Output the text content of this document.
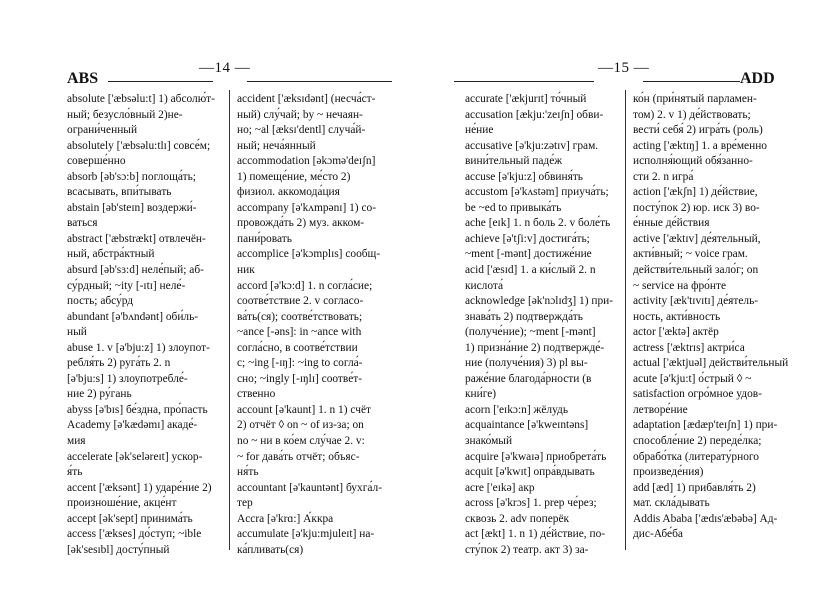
ABS
—14 —
absolute ['æbsəlu:t] 1) абсолю́т-
ный; безусло́вный 2)не-
ограни́ченный
absolutely ['æbsəlu:tlɪ] совсе́м;
соверше́нно
absorb [əb'sɔ:b] поглоща́ть;
всасывать, впи́тывать
abstain [əb'steɪn] воздержи́-
ваться
abstract ['æbstrækt] отвлечён-
ный, абстра́ктный
absurd [əb'sɜ:d] неле́пый; аб-
су́рдный; ~ity [-ɪtɪ] неле́-
пость; абсу́рд
abundant [ə'bʌndənt] оби́ль-
ный
abuse 1. v [ə'bju:z] 1) злоупот-
ребля́ть 2) руга́ть 2. n
[ə'bju:s] 1) злоупотребле́-
ние 2) ру́гань
abyss [ə'bɪs] бе́здна, про́пасть
Academy [ə'kædəmɪ] акаде́-
мия
accelerate [ək'seləreɪt] ускор-
я́ть
accent ['æksənt] 1) ударе́ние 2)
произноше́ние, акце́нт
accept [ək'sept] принима́ть
access ['ækses] до́ступ; ~ible
[ək'sesɪbl] досту́пный
accident ['æksɪdənt] (несча́ст-
ный) слу́чай; by ~ нечаян-
но; ~al [æksɪ'dentl] случа́й-
ный; неча́янный
accommodation [əkɔmə'deɪʃn]
1) помеще́ние, ме́сто 2)
физиол. аккомода́ция
accompany [ə'kʌmpənɪ] 1) со-
провожда́ть 2) муз. акком-
пани́ровать
accomplice [ə'kɔmplɪs] сообщ-
ник
accord [ə'kɔ:d] 1. n согла́сие;
соотве́тствие 2. v согласо-
ва́ть(ся); соотве́тствовать;
~ance [-əns]: in ~ance with
согла́сно, в соотве́тствии
с; ~ing [-ɪŋ]: ~ing to согла́-
сно; ~ingly [-ɪŋlɪ] соотве́т-
ственно
account [ə'kaunt] 1. n 1) счёт
2) отчёт ◊ on ~ of из-за; on
no ~ ни в ко́ем слу́чае 2. v:
~ for дава́ть отчёт; объяс-
ня́ть
accountant [ə'kauntənt] бухга́л-
тер
Accra [ə'krɑ:] А́ккра
accumulate [ə'kju:mjuleɪt] на-
ка́пливать(ся)
—15 —
ADD
accurate ['ækjurɪt] то́чный
accusation [ækju:'zeɪʃn] обви-
не́ние
accusative [ə'kju:zətɪv] грам.
вини́тельный паде́ж
accuse [ə'kju:z] обвиня́ть
accustom [ə'kʌstəm] приуча́ть;
be ~ed to привыка́ть
ache [eɪk] 1. n боль 2. v боле́ть
achieve [ə'tʃi:v] достига́ть;
~ment [-mənt] достиже́ние
acid ['æsɪd] 1. a ки́слый 2. n
кислота́
acknowledge [ək'nɔlɪdʒ] 1) при-
знава́ть 2) подтвержда́ть
(получе́ние); ~ment [-mənt]
1) призна́ние 2) подтвержде́-
ние (получе́ния) 3) pl вы-
раже́ние благода́рности (в
кни́ге)
acorn ['eɪkɔ:n] жёлудь
acquaintance [ə'kweɪntəns]
знако́мый
acquire [ə'kwaɪə] приобрета́ть
acquit [ə'kwɪt] опра́вдывать
acre ['eɪkə] акр
across [ə'krɔs] 1. prep че́рез;
сквозь 2. adv поперёк
act [ækt] 1. n 1) де́йствие, по-
сту́пок 2) театр. акт 3) за-
ко́н (при́нятый парламен-
том) 2. v 1) де́йствовать;
вести́ себя́ 2) игра́ть (роль)
acting ['æktɪŋ] 1. a вре́менно
исполня́ющий обя́занно-
сти 2. n игра́
action ['ækʃn] 1) де́йствие,
посту́пок 2) юр. иск 3) во-
е́нные де́йствия
active ['æktɪv] де́ятельный,
акти́вный; ~ voice грам.
действи́тельный зало́г; on
~ service на фро́нте
activity [æk'tɪvɪtɪ] де́ятель-
ность, акти́вность
actor ['æktə] актёр
actress ['æktrɪs] актри́са
actual ['æktjuəl] действи́тельный
acute [ə'kju:t] о́стрый ◊ ~
satisfaction огро́мное удов-
летворе́ние
adaptation [ædæp'teɪʃn] 1) при-
способле́ние 2) переде́лка;
обрабо́тка (литерату́рного
произведе́ния)
add [æd] 1) прибавля́ть 2)
мат. скла́дывать
Addis Ababa ['ædɪs'æbəbə] Ад-
дис-Абе́ба
